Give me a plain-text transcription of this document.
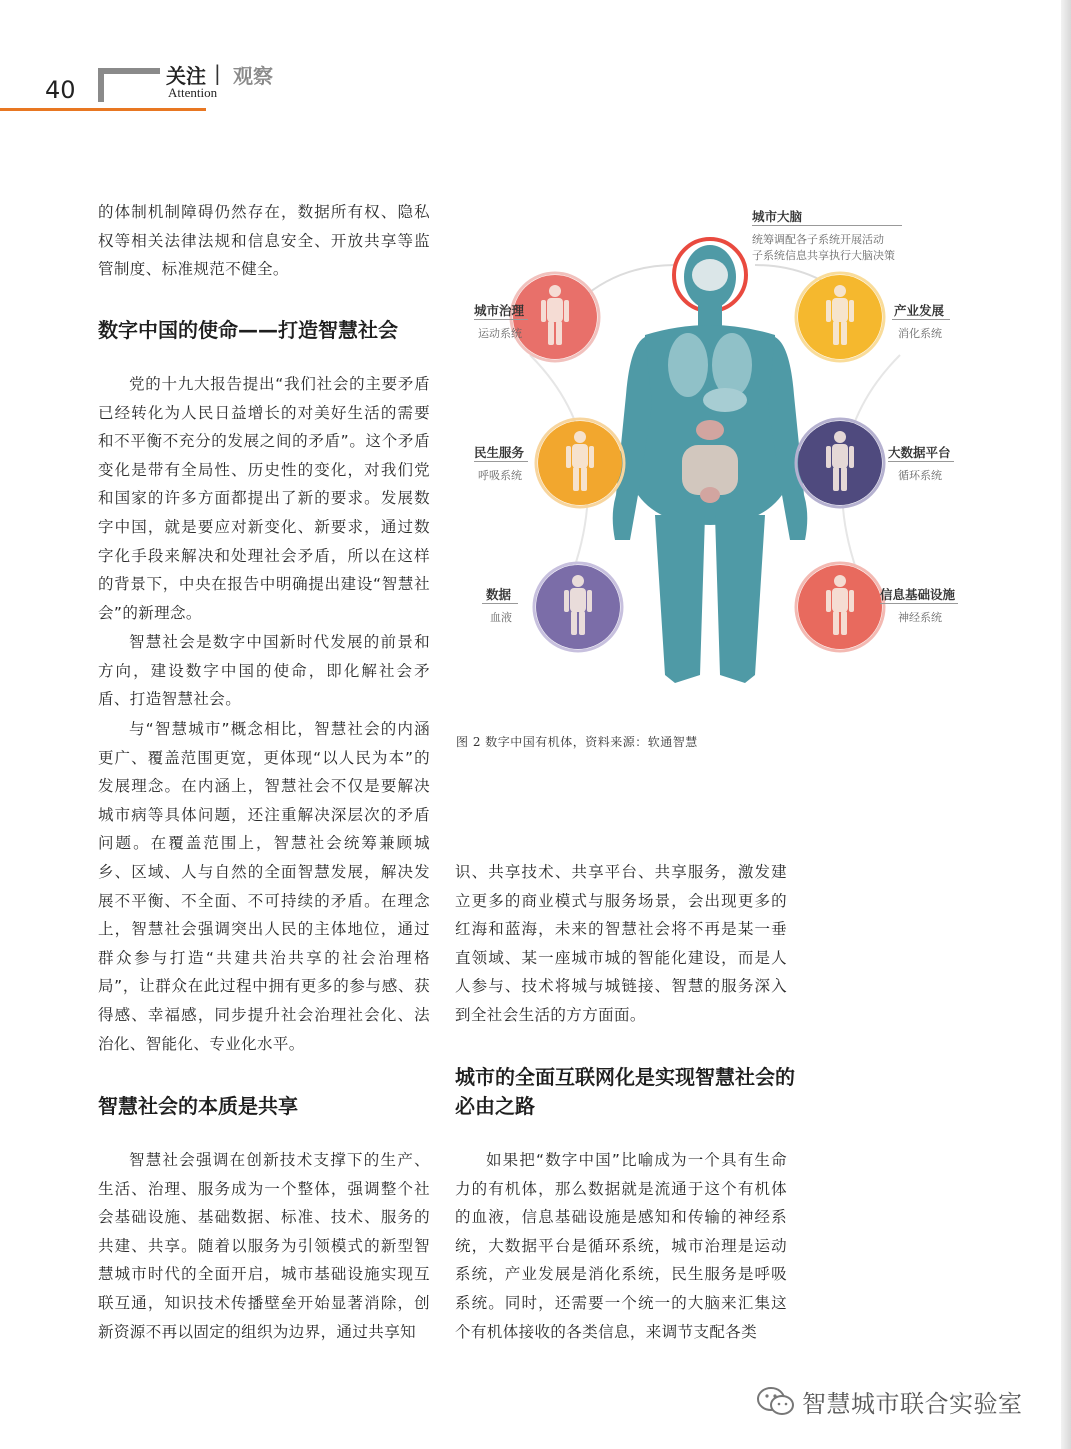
40	关注 | 观察
Attention

的体制机制障碍仍然存在，数据所有权、隐私权等相关法律法规和信息安全、开放共享等监管制度、标准规范不健全。

数字中国的使命——打造智慧社会

党的十九大报告提出“我们社会的主要矛盾已经转化为人民日益增长的对美好生活的需要和不平衡不充分的发展之间的矛盾”。这个矛盾变化是带有全局性、历史性的变化，对我们党和国家的许多方面都提出了新的要求。发展数字中国，就是要应对新变化、新要求，通过数字化手段来解决和处理社会矛盾，所以在这样的背景下，中央在报告中明确提出建设“智慧社会”的新理念。

智慧社会是数字中国新时代发展的前景和方向，建设数字中国的使命，即化解社会矛盾、打造智慧社会。

与“智慧城市”概念相比，智慧社会的内涵更广、覆盖范围更宽，更体现“以人民为本”的发展理念。在内涵上，智慧社会不仅是要解决城市病等具体问题，还注重解决深层次的矛盾问题。在覆盖范围上，智慧社会统筹兼顾城乡、区域、人与自然的全面智慧发展，解决发展不平衡、不全面、不可持续的矛盾。在理念上，智慧社会强调突出人民的主体地位，通过群众参与打造“共建共治共享的社会治理格局”，让群众在此过程中拥有更多的参与感、获得感、幸福感，同步提升社会治理社会化、法治化、智能化、专业化水平。

智慧社会的本质是共享

智慧社会强调在创新技术支撑下的生产、生活、治理、服务成为一个整体，强调整个社会基础设施、基础数据、标准、技术、服务的共建、共享。随着以服务为引领模式的新型智慧城市时代的全面开启，城市基础设施实现互联互通，知识技术传播壁垒开始显著消除，创新资源不再以固定的组织为边界，通过共享知

城市大脑
统筹调配各子系统开展活动
子系统信息共享执行大脑决策
城市治理
运动系统
民生服务
呼吸系统
数据
血液
产业发展
消化系统
大数据平台
循环系统
信息基础设施
神经系统
图 2 数字中国有机体，资料来源：软通智慧

识、共享技术、共享平台、共享服务，激发建立更多的商业模式与服务场景，会出现更多的红海和蓝海，未来的智慧社会将不再是某一垂直领域、某一座城市城的智能化建设，而是人人参与、技术将城与城链接、智慧的服务深入到全社会生活的方方面面。

城市的全面互联网化是实现智慧社会的必由之路

如果把“数字中国”比喻成为一个具有生命力的有机体，那么数据就是流通于这个有机体的血液，信息基础设施是感知和传输的神经系统，大数据平台是循环系统，城市治理是运动系统，产业发展是消化系统，民生服务是呼吸系统。同时，还需要一个统一的大脑来汇集这个有机体接收的各类信息，来调节支配各类

智慧城市联合实验室
